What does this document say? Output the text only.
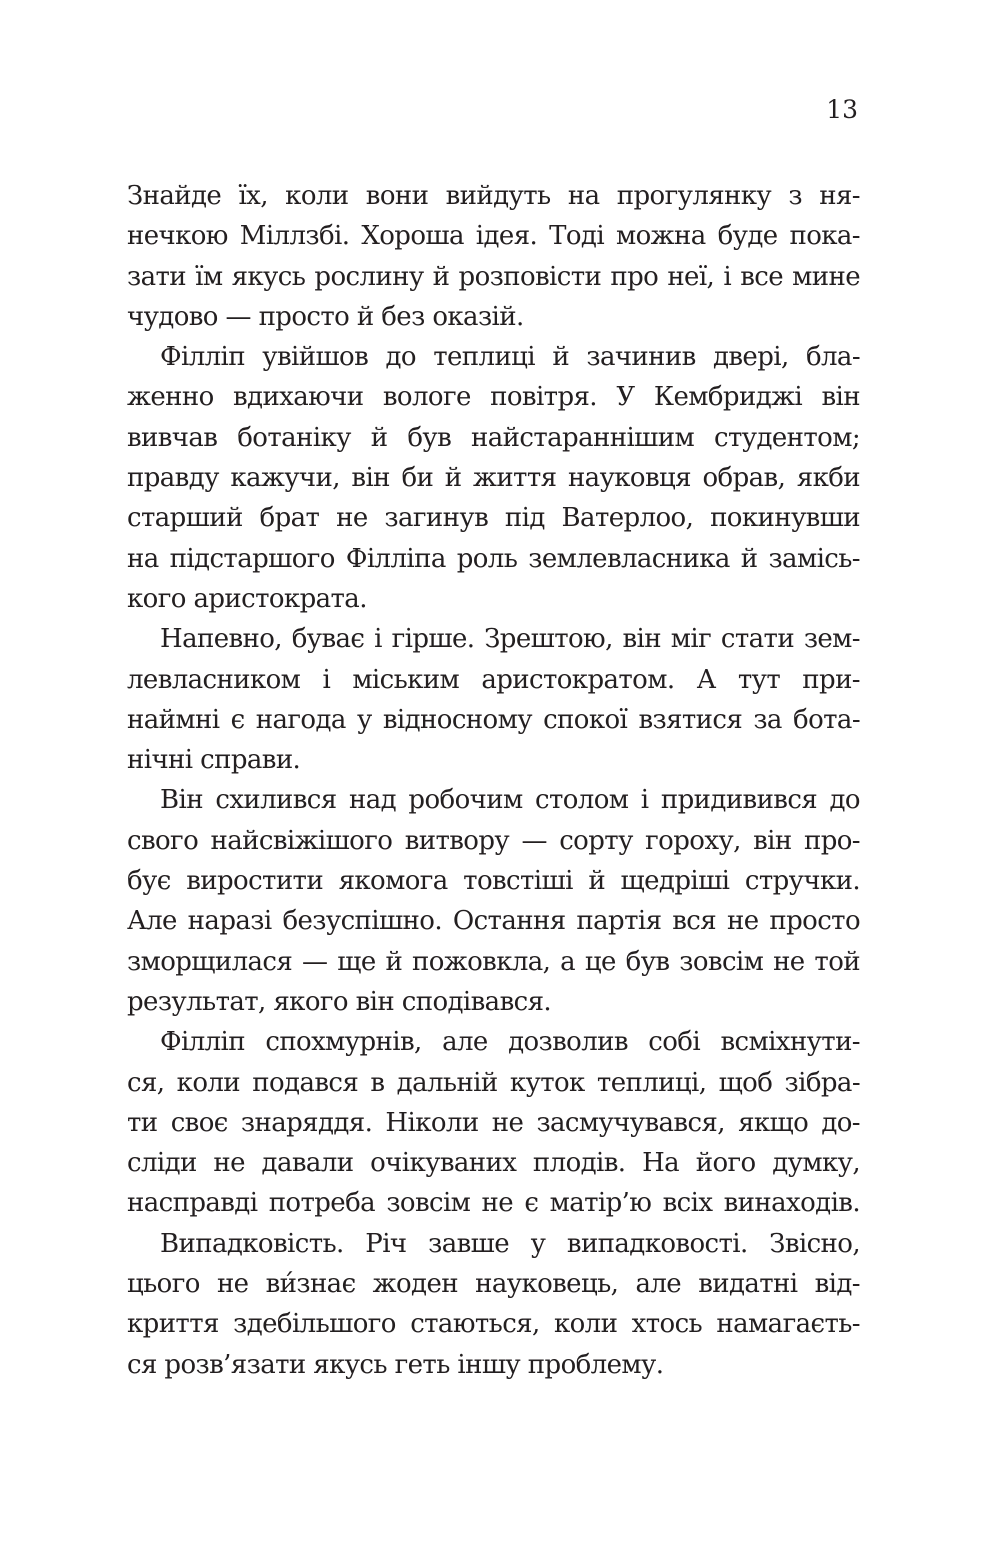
13
Знайде їх, коли вони вийдуть на прогулянку з ня-
нечкою Міллзбі. Хороша ідея. Тоді можна буде пока-
зати їм якусь рослину й розповісти про неї, і все мине
чудово — просто й без оказій.
Філліп увійшов до теплиці й зачинив двері, бла-
женно вдихаючи вологе повітря. У Кембриджі він
вивчав ботаніку й був найстараннішим студентом;
правду кажучи, він би й життя науковця обрав, якби
старший брат не загинув під Ватерлоо, покинувши
на підстаршого Філліпа роль землевласника й замісь-
кого аристократа.
Напевно, буває і гірше. Зрештою, він міг стати зем-
левласником і міським аристократом. А тут при-
наймні є нагода у відносному спокої взятися за бота-
нічні справи.
Він схилився над робочим столом і придивився до
свого найсвіжішого витвору — сорту гороху, він про-
бує виростити якомога товстіші й щедріші стручки.
Але наразі безуспішно. Остання партія вся не просто
зморщилася — ще й пожовкла, а це був зовсім не той
результат, якого він сподівався.
Філліп спохмурнів, але дозволив собі всміхнути-
ся, коли подався в дальній куток теплиці, щоб зібра-
ти своє знаряддя. Ніколи не засмучувався, якщо до-
сліди не давали очікуваних плодів. На його думку,
насправді потреба зовсім не є матір’ю всіх винаходів.
Випадковість. Річ завше у випадковості. Звісно,
цього не ви́знає жоден науковець, але видатні від-
криття здебільшого стаються, коли хтось намагаєть-
ся розв’язати якусь геть іншу проблему.
